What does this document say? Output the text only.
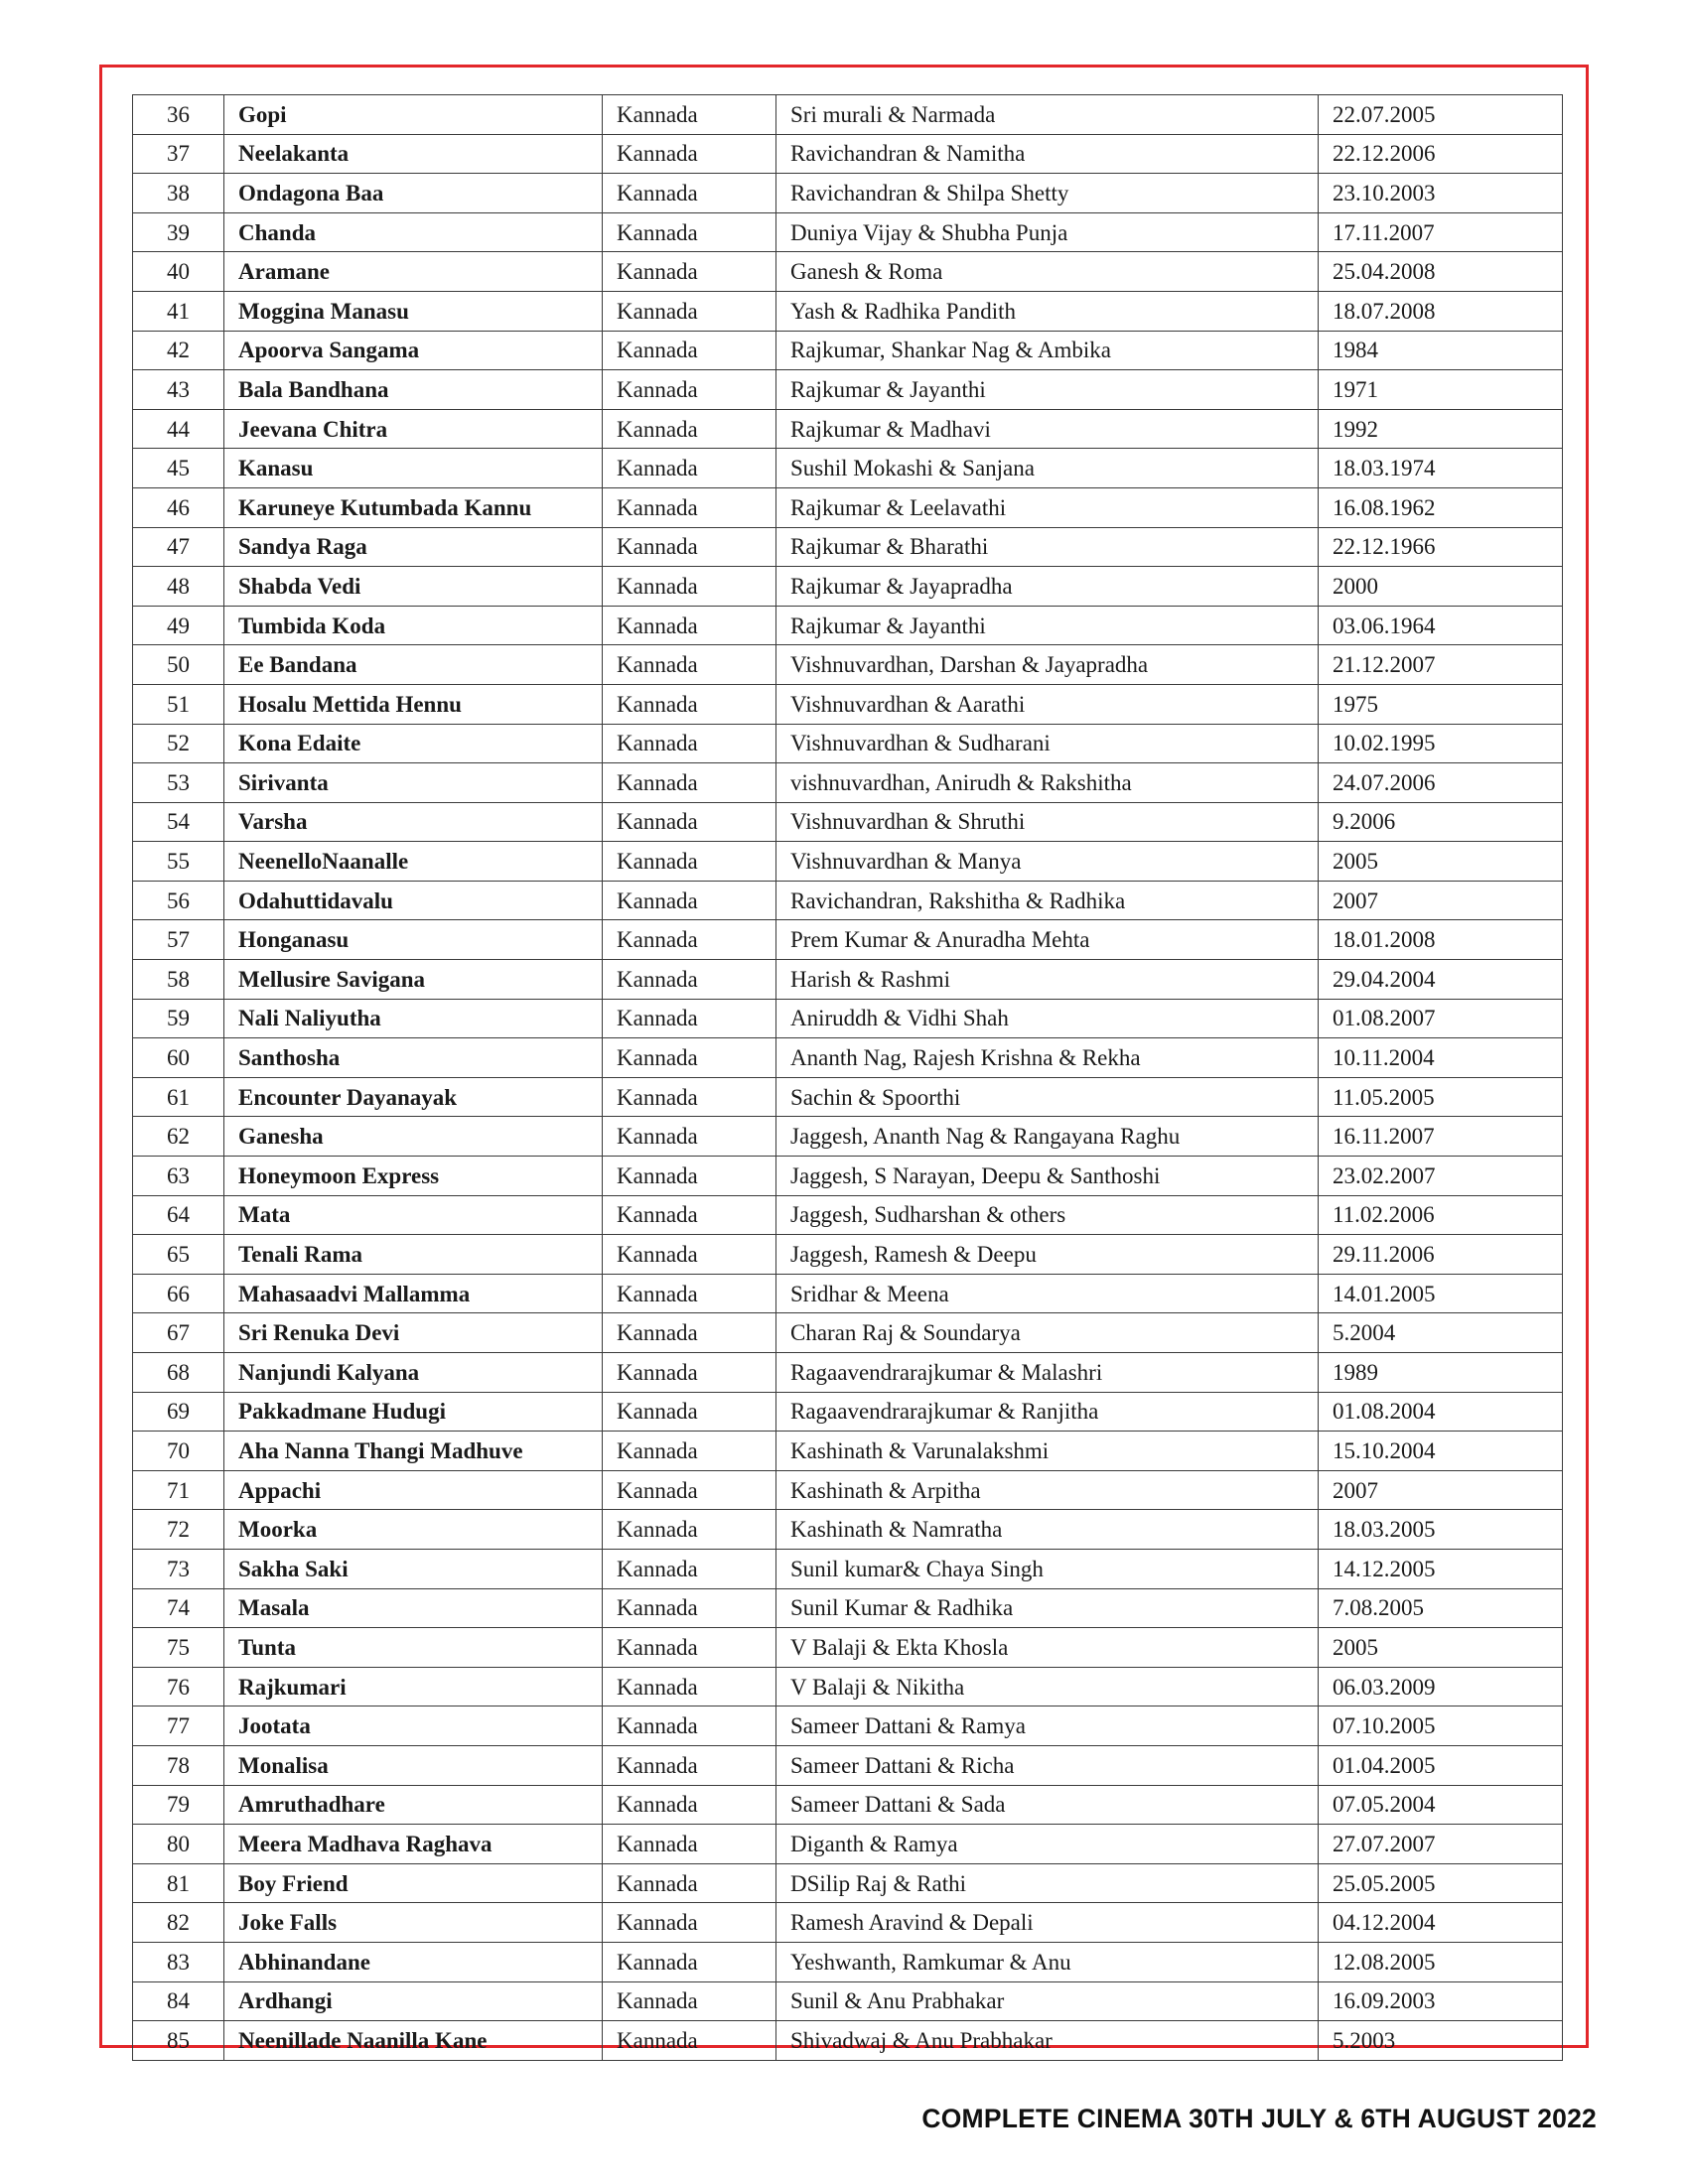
36	Gopi	Kannada	Sri murali & Narmada	22.07.2005
37	Neelakanta	Kannada	Ravichandran & Namitha	22.12.2006
38	Ondagona Baa	Kannada	Ravichandran & Shilpa Shetty	23.10.2003
39	Chanda	Kannada	Duniya Vijay & Shubha Punja	17.11.2007
40	Aramane	Kannada	Ganesh & Roma	25.04.2008
41	Moggina Manasu	Kannada	Yash & Radhika Pandith	18.07.2008
42	Apoorva Sangama	Kannada	Rajkumar, Shankar Nag & Ambika	1984
43	Bala Bandhana	Kannada	Rajkumar & Jayanthi	1971
44	Jeevana Chitra	Kannada	Rajkumar & Madhavi	1992
45	Kanasu	Kannada	Sushil Mokashi & Sanjana	18.03.1974
46	Karuneye Kutumbada Kannu	Kannada	Rajkumar & Leelavathi	16.08.1962
47	Sandya Raga	Kannada	Rajkumar & Bharathi	22.12.1966
48	Shabda Vedi	Kannada	Rajkumar & Jayapradha	2000
49	Tumbida Koda	Kannada	Rajkumar & Jayanthi	03.06.1964
50	Ee Bandana	Kannada	Vishnuvardhan, Darshan & Jayapradha	21.12.2007
51	Hosalu Mettida Hennu	Kannada	Vishnuvardhan & Aarathi	1975
52	Kona Edaite	Kannada	Vishnuvardhan & Sudharani	10.02.1995
53	Sirivanta	Kannada	vishnuvardhan, Anirudh & Rakshitha	24.07.2006
54	Varsha	Kannada	Vishnuvardhan & Shruthi	9.2006
55	NeenelloNaanalle	Kannada	Vishnuvardhan & Manya	2005
56	Odahuttidavalu	Kannada	Ravichandran, Rakshitha & Radhika	2007
57	Honganasu	Kannada	Prem Kumar & Anuradha Mehta	18.01.2008
58	Mellusire Savigana	Kannada	Harish & Rashmi	29.04.2004
59	Nali Naliyutha	Kannada	Aniruddh & Vidhi Shah	01.08.2007
60	Santhosha	Kannada	Ananth Nag, Rajesh Krishna & Rekha	10.11.2004
61	Encounter Dayanayak	Kannada	Sachin & Spoorthi	11.05.2005
62	Ganesha	Kannada	Jaggesh, Ananth Nag & Rangayana Raghu	16.11.2007
63	Honeymoon Express	Kannada	Jaggesh, S Narayan, Deepu & Santhoshi	23.02.2007
64	Mata	Kannada	Jaggesh, Sudharshan & others	11.02.2006
65	Tenali Rama	Kannada	Jaggesh, Ramesh & Deepu	29.11.2006
66	Mahasaadvi Mallamma	Kannada	Sridhar & Meena	14.01.2005
67	Sri Renuka Devi	Kannada	Charan Raj & Soundarya	5.2004
68	Nanjundi Kalyana	Kannada	Ragaavendrarajkumar & Malashri	1989
69	Pakkadmane Hudugi	Kannada	Ragaavendrarajkumar & Ranjitha	01.08.2004
70	Aha Nanna Thangi Madhuve	Kannada	Kashinath & Varunalakshmi	15.10.2004
71	Appachi	Kannada	Kashinath & Arpitha	2007
72	Moorka	Kannada	Kashinath & Namratha	18.03.2005
73	Sakha Saki	Kannada	Sunil kumar& Chaya Singh	14.12.2005
74	Masala	Kannada	Sunil Kumar & Radhika	7.08.2005
75	Tunta	Kannada	V Balaji & Ekta Khosla	2005
76	Rajkumari	Kannada	V Balaji & Nikitha	06.03.2009
77	Jootata	Kannada	Sameer Dattani & Ramya	07.10.2005
78	Monalisa	Kannada	Sameer Dattani & Richa	01.04.2005
79	Amruthadhare	Kannada	Sameer Dattani & Sada	07.05.2004
80	Meera Madhava Raghava	Kannada	Diganth & Ramya	27.07.2007
81	Boy Friend	Kannada	DSilip Raj & Rathi	25.05.2005
82	Joke Falls	Kannada	Ramesh Aravind & Depali	04.12.2004
83	Abhinandane	Kannada	Yeshwanth, Ramkumar & Anu	12.08.2005
84	Ardhangi	Kannada	Sunil & Anu Prabhakar	16.09.2003
85	Neenillade Naanilla Kane	Kannada	Shivadwaj & Anu Prabhakar	5.2003
COMPLETE CINEMA 30TH JULY & 6TH AUGUST 2022
